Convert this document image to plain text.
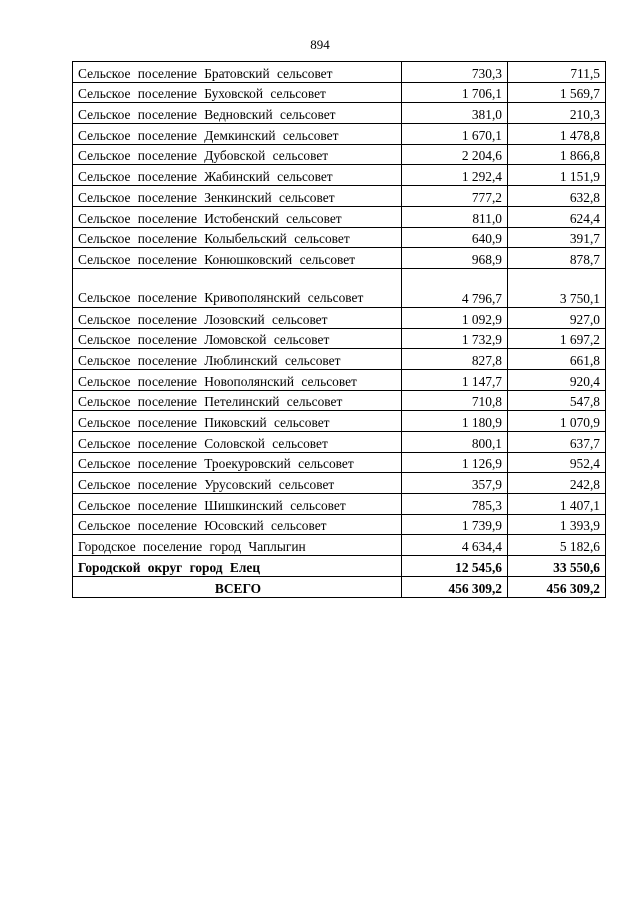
894
Сельское поселение Братовский сельсовет	730,3	711,5
Сельское поселение Буховской сельсовет	1 706,1	1 569,7
Сельское поселение Ведновский сельсовет	381,0	210,3
Сельское поселение Демкинский сельсовет	1 670,1	1 478,8
Сельское поселение Дубовской сельсовет	2 204,6	1 866,8
Сельское поселение Жабинский сельсовет	1 292,4	1 151,9
Сельское поселение Зенкинский сельсовет	777,2	632,8
Сельское поселение Истобенский сельсовет	811,0	624,4
Сельское поселение Колыбельский сельсовет	640,9	391,7
Сельское поселение Конюшковский сельсовет	968,9	878,7
Сельское поселение Кривополянский сельсовет	4 796,7	3 750,1
Сельское поселение Лозовский сельсовет	1 092,9	927,0
Сельское поселение Ломовской сельсовет	1 732,9	1 697,2
Сельское поселение Люблинский сельсовет	827,8	661,8
Сельское поселение Новополянский сельсовет	1 147,7	920,4
Сельское поселение Петелинский сельсовет	710,8	547,8
Сельское поселение Пиковский сельсовет	1 180,9	1 070,9
Сельское поселение Соловской сельсовет	800,1	637,7
Сельское поселение Троекуровский сельсовет	1 126,9	952,4
Сельское поселение Урусовский сельсовет	357,9	242,8
Сельское поселение Шишкинский сельсовет	785,3	1 407,1
Сельское поселение Юсовский сельсовет	1 739,9	1 393,9
Городское поселение город Чаплыгин	4 634,4	5 182,6
Городской округ город Елец	12 545,6	33 550,6
ВСЕГО	456 309,2	456 309,2
